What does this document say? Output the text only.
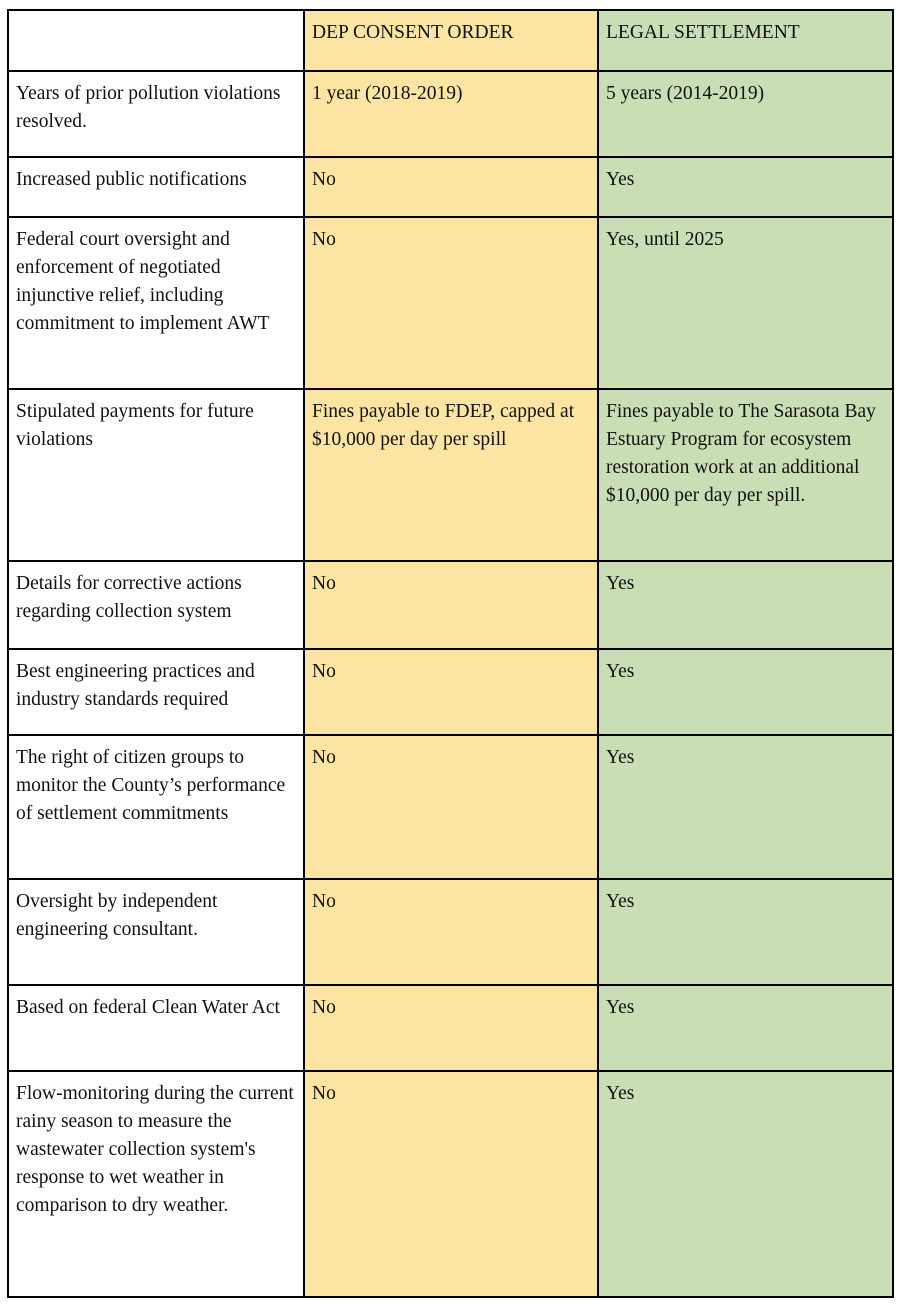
	DEP CONSENT ORDER	LEGAL SETTLEMENT
Years of prior pollution violations resolved.	1 year (2018-2019)	5 years (2014-2019)
Increased public notifications	No	Yes
Federal court oversight and enforcement of negotiated injunctive relief, including commitment to implement AWT	No	Yes, until 2025
Stipulated payments for future violations	Fines payable to FDEP, capped at $10,000 per day per spill	Fines payable to The Sarasota Bay Estuary Program for ecosystem restoration work at an additional $10,000 per day per spill.
Details for corrective actions regarding collection system	No	Yes
Best engineering practices and industry standards required	No	Yes
The right of citizen groups to monitor the County’s performance of settlement commitments	No	Yes
Oversight by independent engineering consultant.	No	Yes
Based on federal Clean Water Act	No	Yes
Flow-monitoring during the current rainy season to measure the wastewater collection system's response to wet weather in comparison to dry weather.	No	Yes
